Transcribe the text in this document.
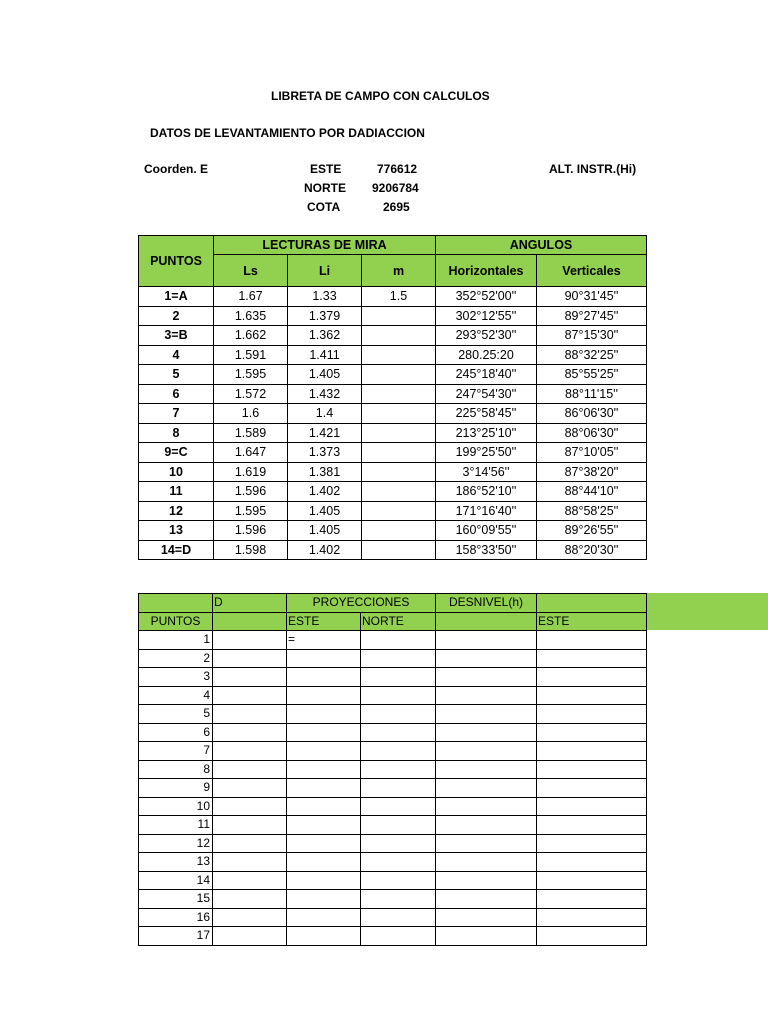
LIBRETA DE CAMPO CON CALCULOS
DATOS DE LEVANTAMIENTO POR DADIACCION
Coorden. E	ESTE	776612
NORTE 9206784
COTA	2695
ALT. INSTR.(Hi)
PUNTOS	LECTURAS DE MIRA			ANGULOS	
	Ls	Li	m	Horizontales	Verticales
1=A	1.67	1.33	1.5	352°52'00''	90°31'45''
2	1.635	1.379		302°12'55''	89°27'45''
3=B	1.662	1.362		293°52'30''	87°15'30''
4	1.591	1.411		280.25:20	88°32'25''
5	1.595	1.405		245°18'40''	85°55'25''
6	1.572	1.432		247°54'30''	88°11'15''
7	1.6	1.4		225°58'45''	86°06'30''
8	1.589	1.421		213°25'10''	88°06'30''
9=C	1.647	1.373		199°25'50''	87°10'05''
10	1.619	1.381		3°14'56''	87°38'20''
11	1.596	1.402		186°52'10''	88°44'10''
12	1.595	1.405		171°16'40''	88°58'25''
13	1.596	1.405		160°09'55''	89°26'55''
14=D	1.598	1.402		158°33'50''	88°20'30''
	D	PROYECCIONES		DESNIVEL(h)	
PUNTOS		ESTE	NORTE		ESTE
1		=			
2					
3					
4					
5					
6					
7					
8					
9					
10					
11					
12					
13					
14					
15					
16					
17					
